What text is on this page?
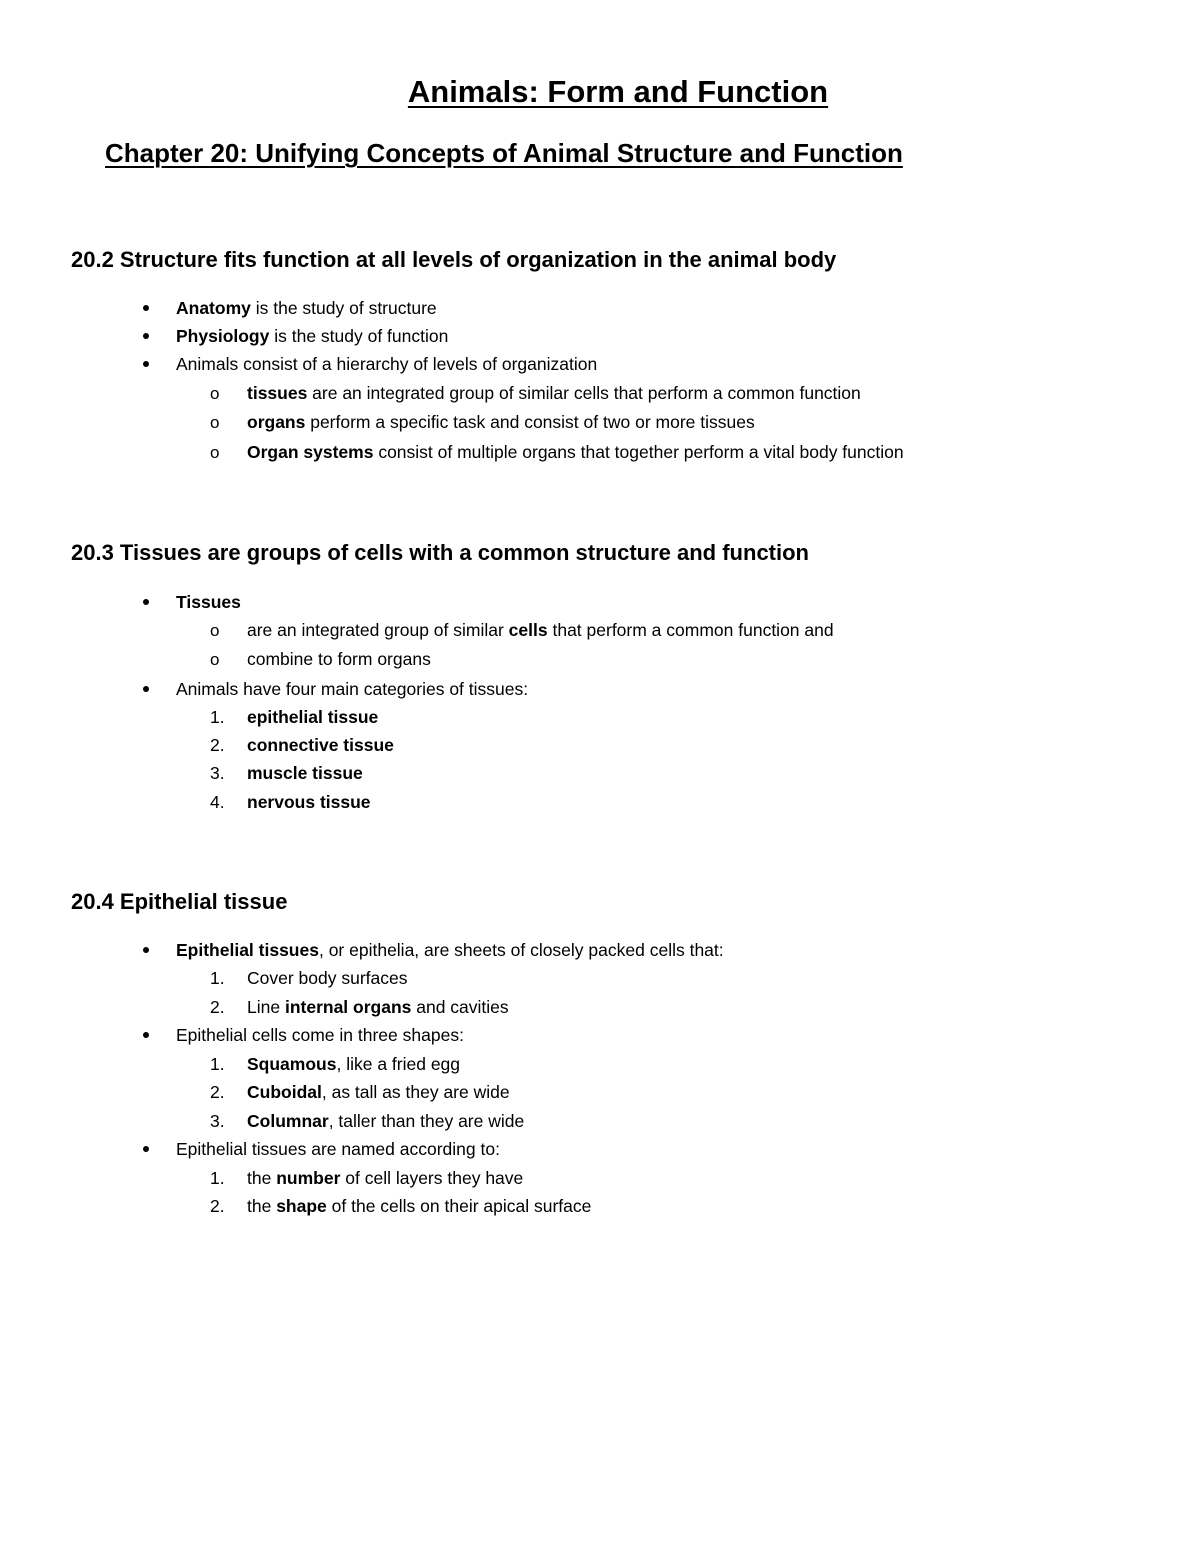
Animals: Form and Function
Chapter 20: Unifying Concepts of Animal Structure and Function
20.2 Structure fits function at all levels of organization in the animal body
Anatomy is the study of structure
Physiology is the study of function
Animals consist of a hierarchy of levels of organization
o tissues are an integrated group of similar cells that perform a common function
o organs perform a specific task and consist of two or more tissues
o Organ systems consist of multiple organs that together perform a vital body function
20.3 Tissues are groups of cells with a common structure and function
Tissues
o are an integrated group of similar cells that perform a common function and
o combine to form organs
Animals have four main categories of tissues:
1.	epithelial tissue
2.	connective tissue
3.	muscle tissue
4.	nervous tissue
20.4 Epithelial tissue
Epithelial tissues, or epithelia, are sheets of closely packed cells that:
1.	Cover body surfaces
2.	Line internal organs and cavities
Epithelial cells come in three shapes:
1.	Squamous, like a fried egg
2.	Cuboidal, as tall as they are wide
3.	Columnar, taller than they are wide
Epithelial tissues are named according to:
1.	the number of cell layers they have
2.	the shape of the cells on their apical surface
